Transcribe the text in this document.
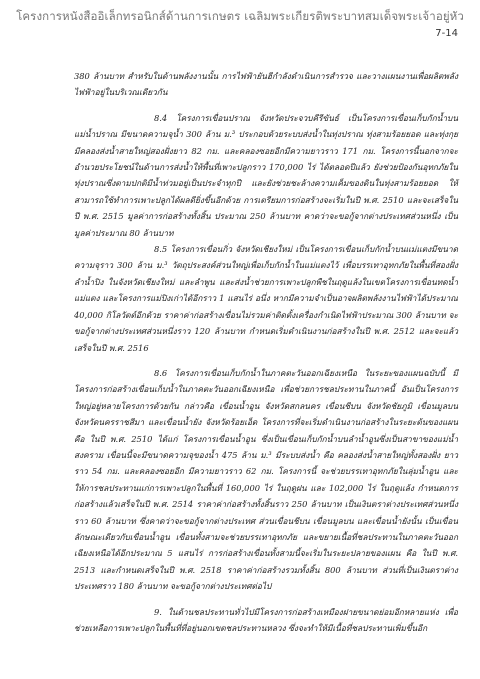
โครงการหนังสืออิเล็กทรอนิกส์ด้านการเกษตร เฉลิมพระเกียรติพระบาทสมเด็จพระเจ้าอยู่หัว
7-14

380 ล้านบาท สำหรับในด้านพลังงานนั้น การไฟฟ้ายันฮีกำลังดำเนินการสำรวจ และวางแผนงานเพื่อผลิตพลังไฟฟ้าอยู่ในบริเวณเดียวกัน

8.4 โครงการเขื่อนปราณ จังหวัดประจวบคีรีขันธ์ เป็นโครงการเขื่อนเก็บกักน้ำบนแม่น้ำปราณ มีขนาดความจุน้ำ 300 ล้าน ม.³ ประกอบด้วยระบบส่งน้ำในทุ่งปราณ ทุ่งสามร้อยยอด และทุ่งกุยมีคลองส่งน้ำสายใหญ่สองฝั่งยาว 82 กม. และคลองซอยอีกมีความยาวราว 171 กม. โครงการนี้นอกจากจะอำนวยประโยชน์ในด้านการส่งน้ำให้พื้นที่เพาะปลูกราว 170,000 ไร่ ได้ตลอดปีแล้ว ยังช่วยป้องกันอุทกภัยในทุ่งปราณซึ่งตามปกติมีน้ำท่วมอยู่เป็นประจำทุกปี และยังช่วยชะล้างความเค็มของดินในทุ่งสามร้อยยอด ให้สามารถใช้ทำการเพาะปลูกได้ผลดียิ่งขึ้นอีกด้วย การเตรียมการก่อสร้างจะเริ่มในปี พ.ศ. 2510 และจะเสร็จในปี พ.ศ. 2515 มูลค่าการก่อสร้างทั้งสิ้น ประมาณ 250 ล้านบาท คาดว่าจะขอกู้จากต่างประเทศส่วนหนึ่ง เป็นมูลค่าประมาณ 80 ล้านบาท

8.5 โครงการเขื่อนกิ่ว จังหวัดเชียงใหม่ เป็นโครงการเขื่อนเก็บกักน้ำบนแม่แตงมีขนาดความจุราว 300 ล้าน ม.³ วัตถุประสงค์ส่วนใหญ่เพื่อเก็บกักน้ำในแม่แตงไว้ เพื่อบรรเทาอุทกภัยในพื้นที่สองฝั่งลำน้ำปิง ในจังหวัดเชียงใหม่ และลำพูน และส่งน้ำช่วยการเพาะปลูกพืชในฤดูแล้งในเขตโครงการเขื่อนทดน้ำแม่แตง และโครงการแม่ปิงเก่าได้อีกราว 1 แสนไร่ อนึ่ง หากมีความจำเป็นอาจผลิตพลังงานไฟฟ้าได้ประมาณ 40,000 กิโลวัตต์อีกด้วย ราคาค่าก่อสร้างเขื่อนไม่รวมค่าติดตั้งเครื่องกำเนิดไฟฟ้าประมาณ 300 ล้านบาท จะขอกู้จากต่างประเทศส่วนหนึ่งราว 120 ล้านบาท กำหนดเริ่มดำเนินงานก่อสร้างในปี พ.ศ. 2512 และจะแล้วเสร็จในปี พ.ศ. 2516

8.6 โครงการเขื่อนเก็บกักน้ำในภาคตะวันออกเฉียงเหนือ ในระยะของแผนฉบับนี้ มีโครงการก่อสร้างเขื่อนเก็บน้ำในภาคตะวันออกเฉียงเหนือ เพื่อช่วยการชลประทานในภาคนี้ อันเป็นโครงการใหญ่อยู่หลายโครงการด้วยกัน กล่าวคือ เขื่อนน้ำอูน จังหวัดสกลนคร เขื่อนชีบน จังหวัดชัยภูมิ เขื่อนมูลบน จังหวัดนครราชสีมา และเขื่อนน้ำยัง จังหวัดร้อยเอ็ด โครงการที่จะเริ่มดำเนินงานก่อสร้างในระยะต้นของแผน คือ ในปี พ.ศ. 2510 ได้แก่ โครงการเขื่อนน้ำอูน ซึ่งเป็นเขื่อนเก็บกักน้ำบนลำน้ำอูนซึ่งเป็นสาขาของแม่น้ำสงคราม เขื่อนนี้จะมีขนาดความจุของน้ำ 475 ล้าน ม.³ มีระบบส่งน้ำ คือ คลองส่งน้ำสายใหญ่ทั้งสองฝั่ง ยาวราว 54 กม. และคลองซอยอีก มีความยาวราว 62 กม. โครงการนี้ จะช่วยบรรเทาอุทกภัยในลุ่มน้ำอูน และให้การชลประทานแก่การเพาะปลูกในพื้นที่ 160,000 ไร่ ในฤดูฝน และ 102,000 ไร่ ในฤดูแล้ง กำหนดการก่อสร้างแล้วเสร็จในปี พ.ศ. 2514 ราคาค่าก่อสร้างทั้งสิ้นราว 250 ล้านบาท เป็นเงินตราต่างประเทศส่วนหนึ่งราว 60 ล้านบาท ซึ่งคาดว่าจะขอกู้จากต่างประเทศ ส่วนเขื่อนชีบน เขื่อนมูลบน และเขื่อนน้ำยังนั้น เป็นเขื่อนลักษณะเดียวกับเขื่อนน้ำอูน เขื่อนทั้งสามจะช่วยบรรเทาอุทกภัย และขยายเนื้อที่ชลประทานในภาคตะวันออกเฉียงเหนือได้อีกประมาณ 5 แสนไร่ การก่อสร้างเขื่อนทั้งสามนี้จะเริ่มในระยะปลายของแผน คือ ในปี พ.ศ. 2513 และกำหนดเสร็จในปี พ.ศ. 2518 ราคาค่าก่อสร้างรวมทั้งสิ้น 800 ล้านบาท ส่วนที่เป็นเงินตราต่างประเทศราว 180 ล้านบาท จะขอกู้จากต่างประเทศต่อไป

9. ในด้านชลประทานทั่วไปมีโครงการก่อสร้างเหมืองฝายขนาดย่อมอีกหลายแห่ง เพื่อช่วยเหลือการเพาะปลูกในพื้นที่ที่อยู่นอกเขตชลประทานหลวง ซึ่งจะทำให้มีเนื้อที่ชลประทานเพิ่มขึ้นอีก
